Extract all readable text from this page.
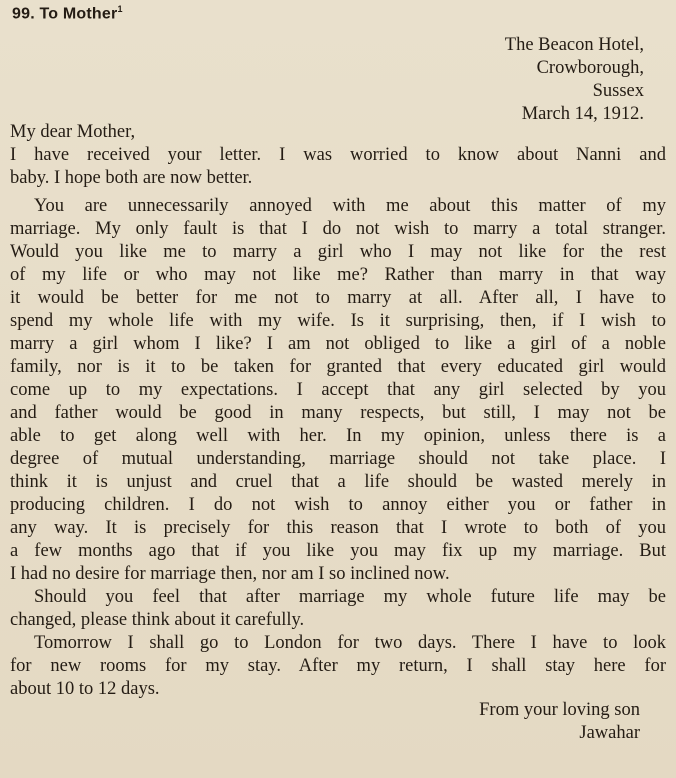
99. To Mother$^1$
The Beacon Hotel,
Crowborough,
Sussex
March 14, 1912.
My dear Mother,
I have received your letter. I was worried to know about Nanni and
baby. I hope both are now better.
You are unnecessarily annoyed with me about this matter of my
marriage. My only fault is that I do not wish to marry a total stranger.
Would you like me to marry a girl who I may not like for the rest
of my life or who may not like me? Rather than marry in that way
it would be better for me not to marry at all. After all, I have to
spend my whole life with my wife. Is it surprising, then, if I wish to
marry a girl whom I like? I am not obliged to like a girl of a noble
family, nor is it to be taken for granted that every educated girl would
come up to my expectations. I accept that any girl selected by you
and father would be good in many respects, but still, I may not be
able to get along well with her. In my opinion, unless there is a
degree of mutual understanding, marriage should not take place. I
think it is unjust and cruel that a life should be wasted merely in
producing children. I do not wish to annoy either you or father in
any way. It is precisely for this reason that I wrote to both of you
a few months ago that if you like you may fix up my marriage. But
I had no desire for marriage then, nor am I so inclined now.
Should you feel that after marriage my whole future life may be
changed, please think about it carefully.
Tomorrow I shall go to London for two days. There I have to look
for new rooms for my stay. After my return, I shall stay here for
about 10 to 12 days.
From your loving son
Jawahar
